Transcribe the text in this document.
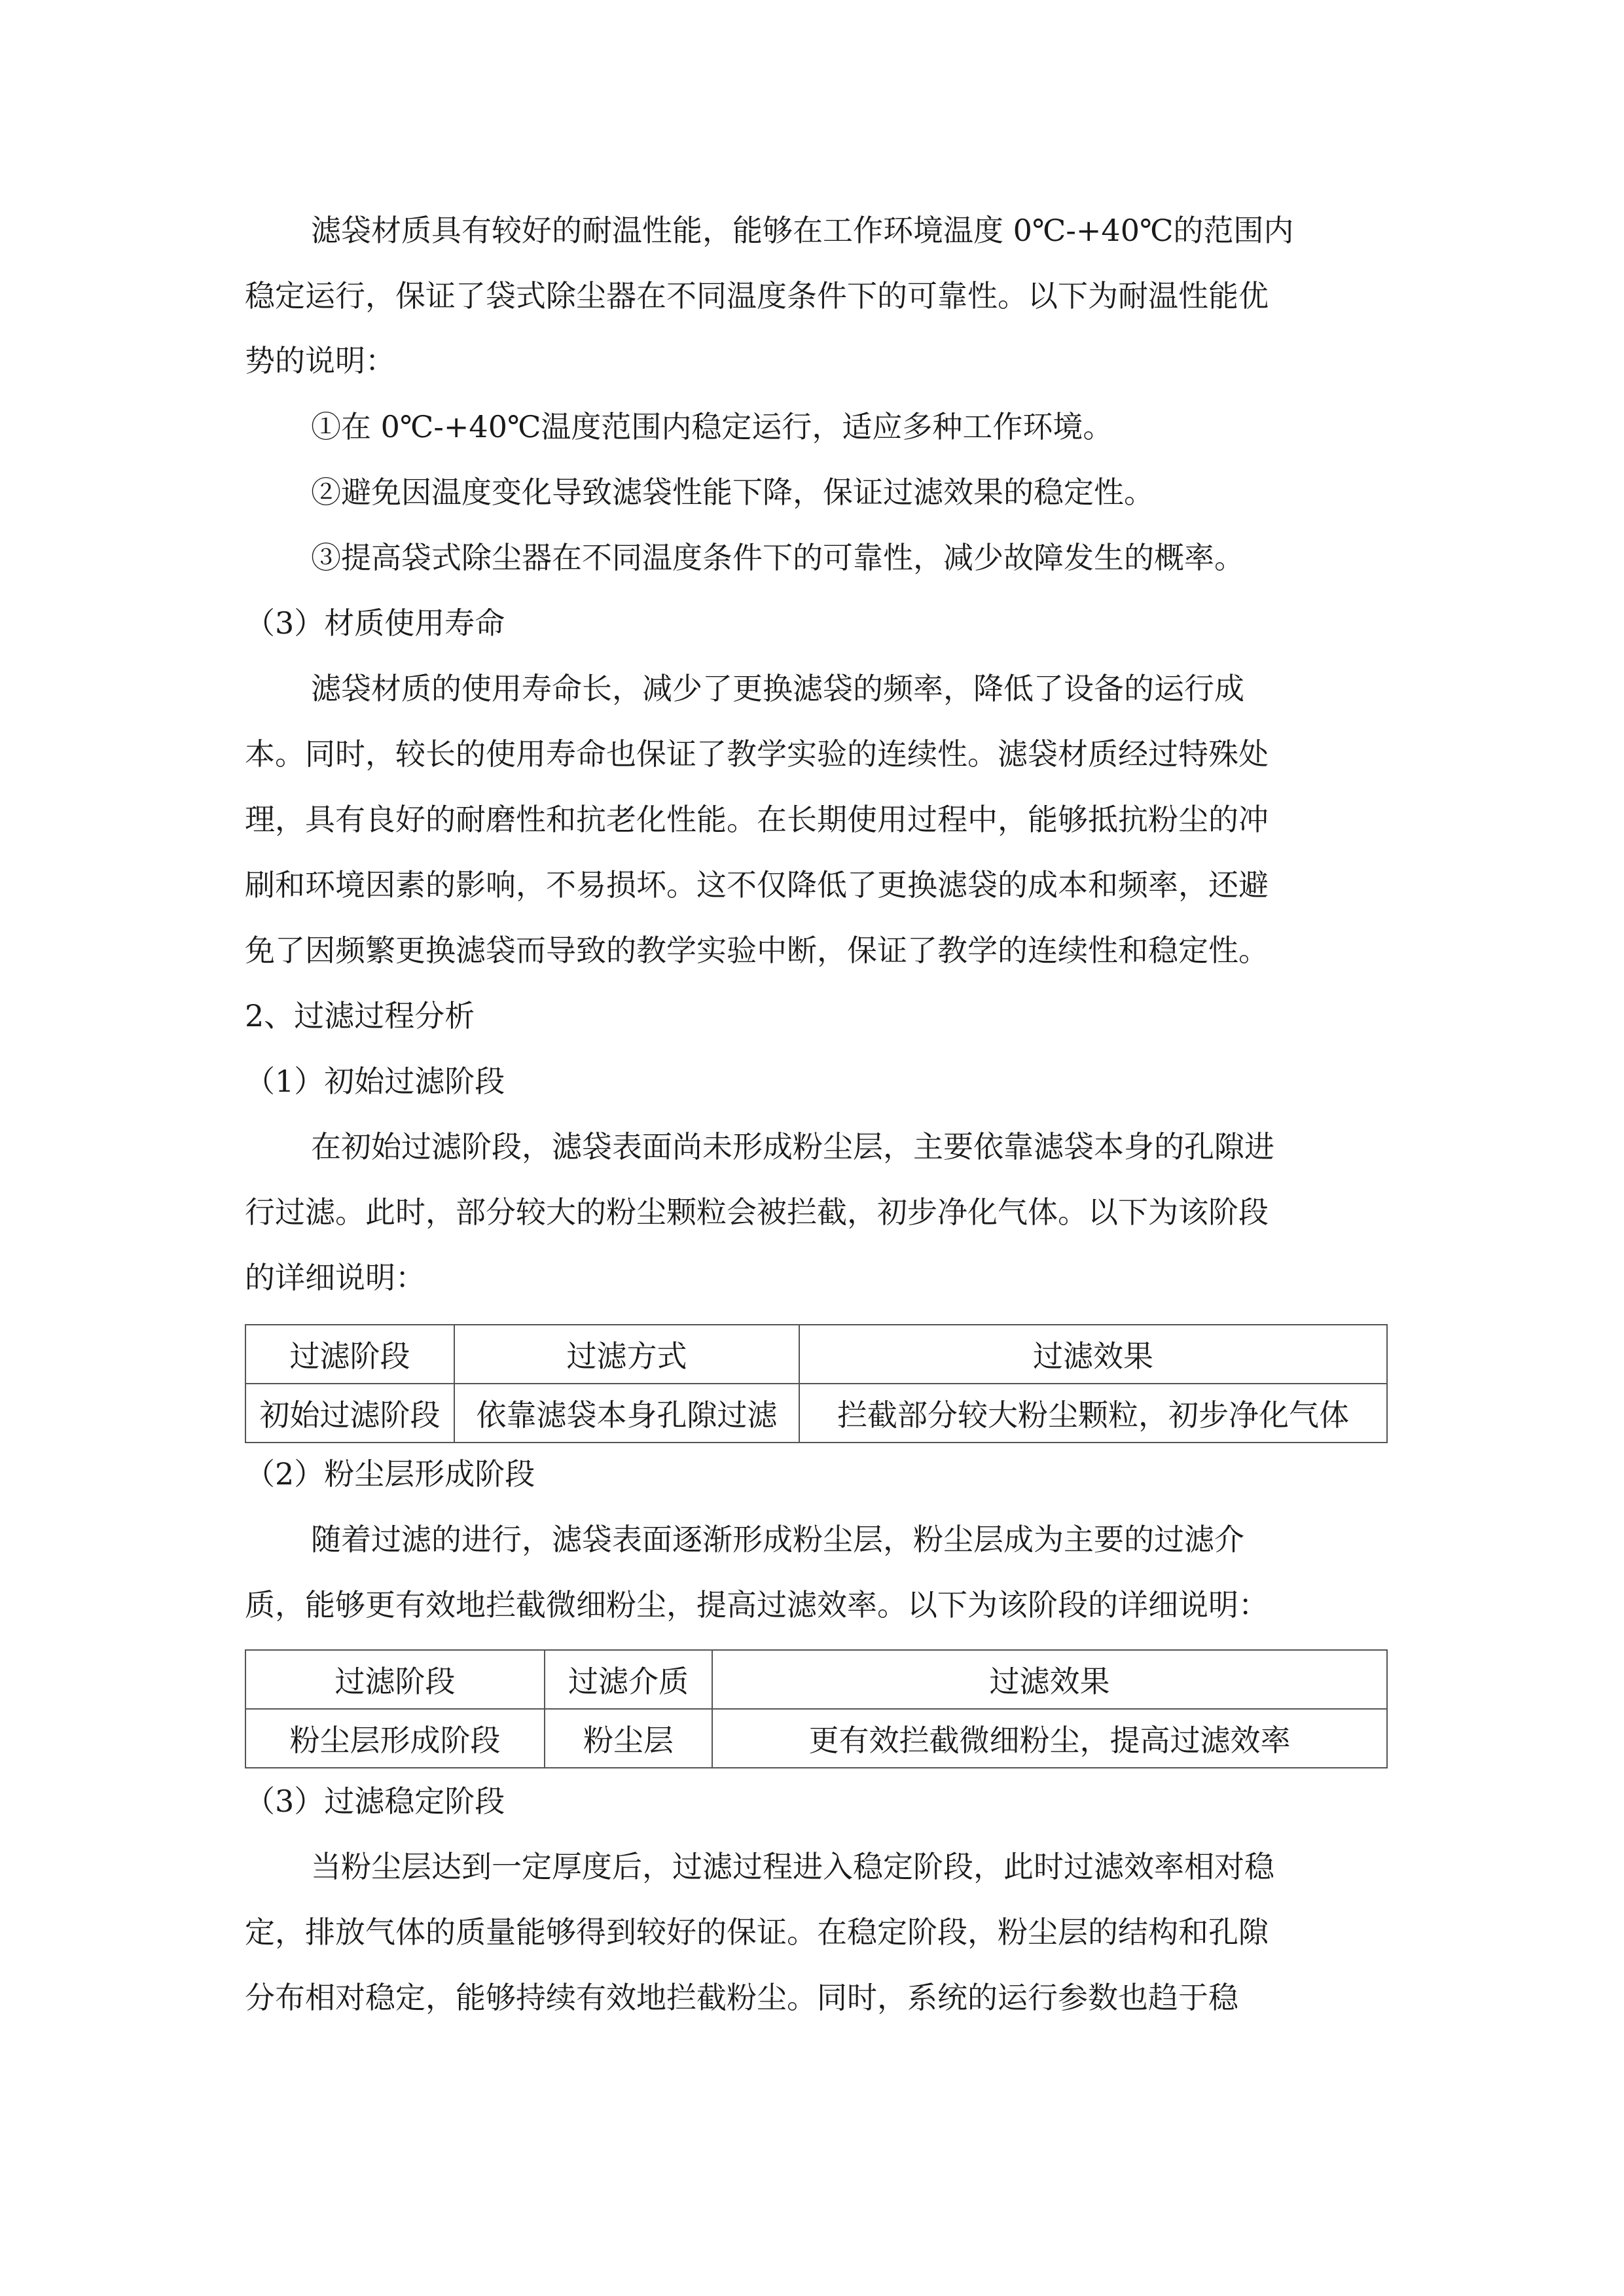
滤袋材质具有较好的耐温性能，能够在工作环境温度 0℃-+40℃的范围内
稳定运行，保证了袋式除尘器在不同温度条件下的可靠性。以下为耐温性能优
势的说明：
①在 0℃-+40℃温度范围内稳定运行，适应多种工作环境。
②避免因温度变化导致滤袋性能下降，保证过滤效果的稳定性。
③提高袋式除尘器在不同温度条件下的可靠性，减少故障发生的概率。
（3）材质使用寿命
滤袋材质的使用寿命长，减少了更换滤袋的频率，降低了设备的运行成
本。同时，较长的使用寿命也保证了教学实验的连续性。滤袋材质经过特殊处
理，具有良好的耐磨性和抗老化性能。在长期使用过程中，能够抵抗粉尘的冲
刷和环境因素的影响，不易损坏。这不仅降低了更换滤袋的成本和频率，还避
免了因频繁更换滤袋而导致的教学实验中断，保证了教学的连续性和稳定性。
2、过滤过程分析
（1）初始过滤阶段
在初始过滤阶段，滤袋表面尚未形成粉尘层，主要依靠滤袋本身的孔隙进
行过滤。此时，部分较大的粉尘颗粒会被拦截，初步净化气体。以下为该阶段
的详细说明：
过滤阶段	过滤方式	过滤效果
初始过滤阶段	依靠滤袋本身孔隙过滤	拦截部分较大粉尘颗粒，初步净化气体
（2）粉尘层形成阶段
随着过滤的进行，滤袋表面逐渐形成粉尘层，粉尘层成为主要的过滤介
质，能够更有效地拦截微细粉尘，提高过滤效率。以下为该阶段的详细说明：
过滤阶段	过滤介质	过滤效果
粉尘层形成阶段	粉尘层	更有效拦截微细粉尘，提高过滤效率
（3）过滤稳定阶段
当粉尘层达到一定厚度后，过滤过程进入稳定阶段，此时过滤效率相对稳
定，排放气体的质量能够得到较好的保证。在稳定阶段，粉尘层的结构和孔隙
分布相对稳定，能够持续有效地拦截粉尘。同时，系统的运行参数也趋于稳
